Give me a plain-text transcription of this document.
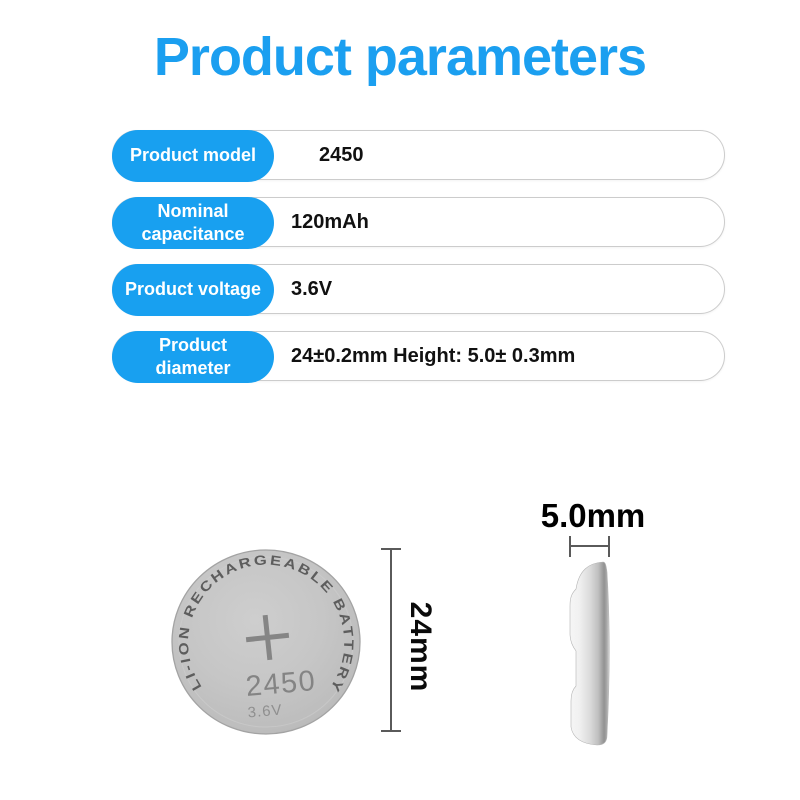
Product parameters
Product model	2450
Nominal capacitance
120mAh
Product voltage 3.6V
Product diameter
24±0.2mm Height: 5.0± 0.3mm
LI-ION RECHARGEABLE BATTERY
2450
3.6V
24mm
5.0mm
